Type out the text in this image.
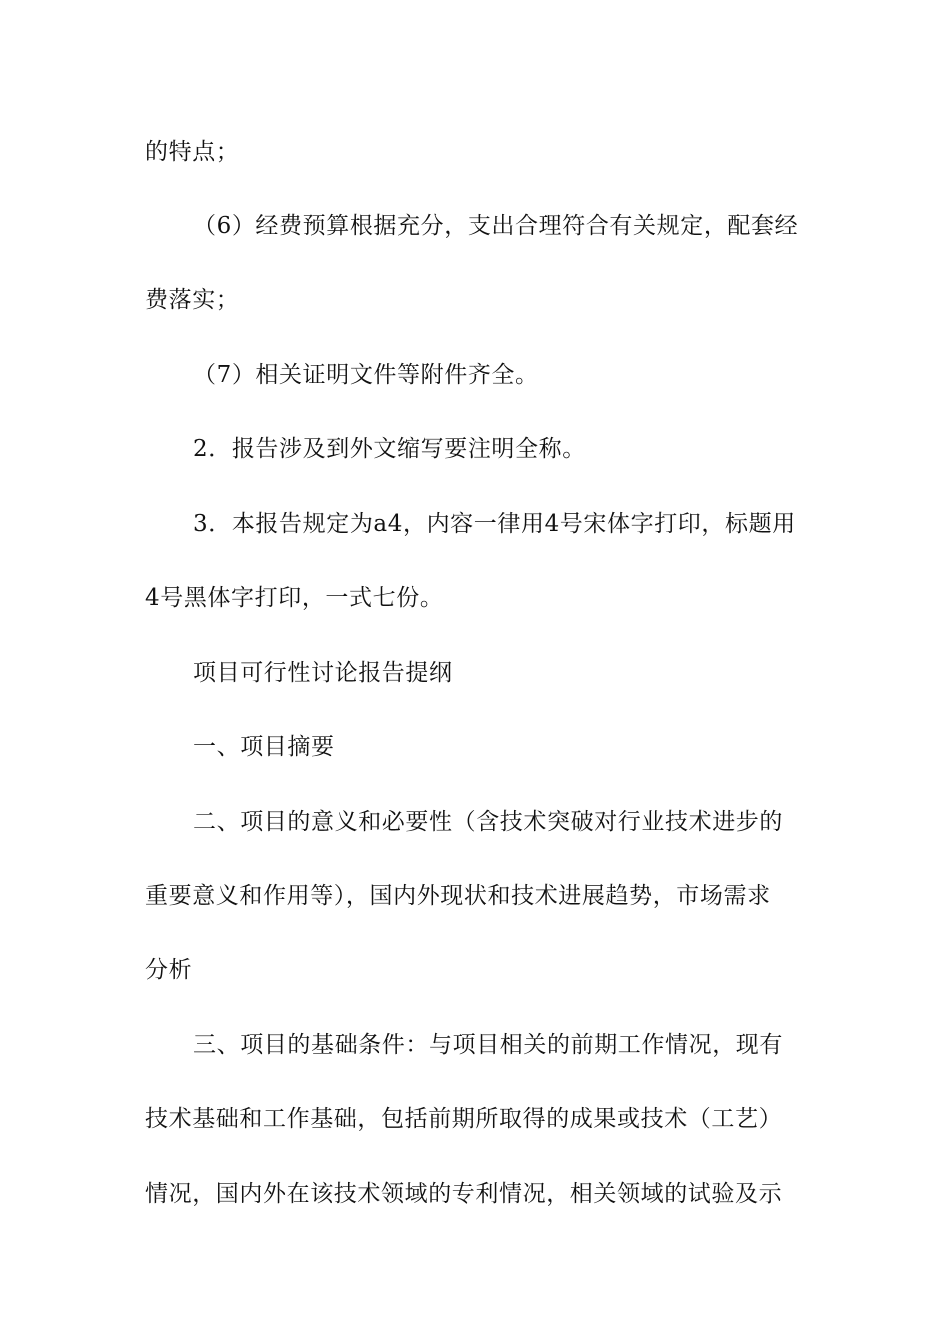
的特点；
（6）经费预算根据充分，支出合理符合有关规定，配套经
费落实；
（7）相关证明文件等附件齐全。
2．报告涉及到外文缩写要注明全称。
3．本报告规定为a4，内容一律用4号宋体字打印，标题用
4号黑体字打印，一式七份。
项目可行性讨论报告提纲
一、项目摘要
二、项目的意义和必要性（含技术突破对行业技术进步的
重要意义和作用等），国内外现状和技术进展趋势，市场需求
分析
三、项目的基础条件：与项目相关的前期工作情况，现有
技术基础和工作基础，包括前期所取得的成果或技术（工艺）
情况，国内外在该技术领域的专利情况，相关领域的试验及示
